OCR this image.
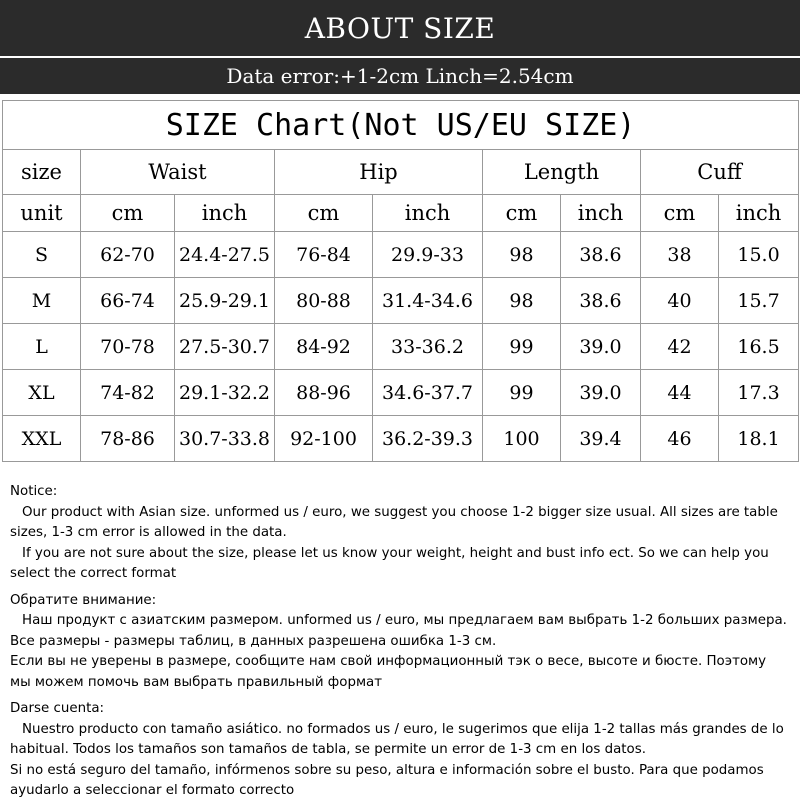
ABOUT SIZE
Data error:+1-2cm Linch=2.54cm
SIZE Chart(Not US/EU SIZE)								
size	Waist		Hip		Length		Cuff	
unit	cm	inch	cm	inch	cm	inch	cm	inch
S	62-70	24.4-27.5	76-84	29.9-33	98	38.6	38	15.0
M	66-74	25.9-29.1	80-88	31.4-34.6	98	38.6	40	15.7
L	70-78	27.5-30.7	84-92	33-36.2	99	39.0	42	16.5
XL	74-82	29.1-32.2	88-96	34.6-37.7	99	39.0	44	17.3
XXL	78-86	30.7-33.8	92-100	36.2-39.3	100	39.4	46	18.1

Notice:

Our product with Asian size. unformed us / euro, we suggest you choose 1-2 bigger size usual. All sizes are table sizes, 1-3 cm error is allowed in the data.

If you are not sure about the size, please let us know your weight, height and bust info ect. So we can help you select the correct format

Обратите внимание:

Наш продукт с азиатским размером. unformed us / euro, мы предлагаем вам выбрать 1-2 больших размера. Все размеры - размеры таблиц, в данных разрешена ошибка 1-3 см.

Если вы не уверены в размере, сообщите нам свой информационный тэк о весе, высоте и бюсте. Поэтому мы можем помочь вам выбрать правильный формат

Darse cuenta:

Nuestro producto con tamaño asiático. no formados us / euro, le sugerimos que elija 1-2 tallas más grandes de lo habitual. Todos los tamaños son tamaños de tabla, se permite un error de 1-3 cm en los datos.

Si no está seguro del tamaño, infórmenos sobre su peso, altura e información sobre el busto. Para que podamos ayudarlo a seleccionar el formato correcto
